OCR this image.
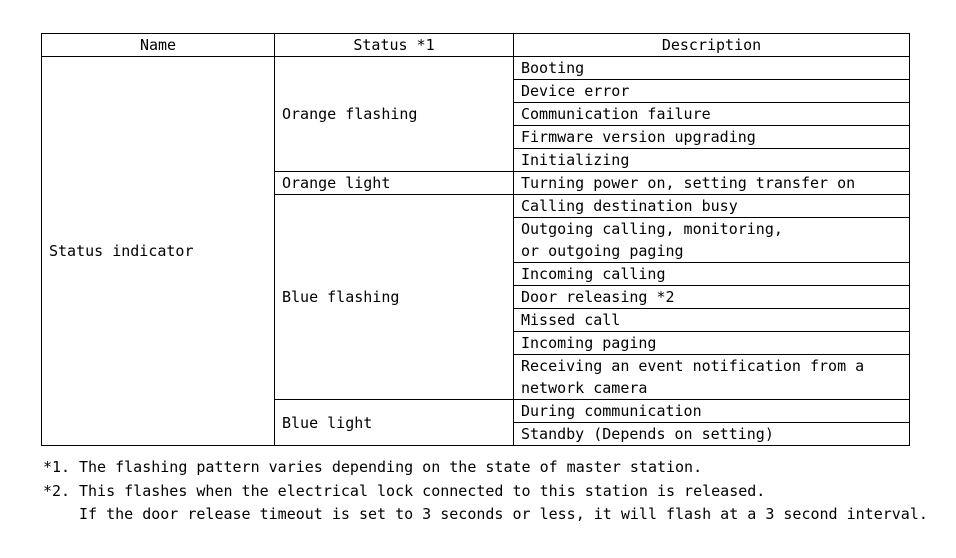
Name	Status *1	Description
Status indicator	Orange flashing	Booting

		Device error

		Communication failure

		Firmware version upgrading

		Initializing

	Orange light	Turning power on, setting transfer on

	Blue flashing	Calling destination busy

		Outgoing calling, monitoring,
or outgoing paging

		Incoming calling

		Door releasing *2

		Missed call

		Incoming paging

		Receiving an event notification from a
network camera

	Blue light	During communication

		Standby (Depends on setting)
*1. The flashing pattern varies depending on the state of master station.
*2. This flashes when the electrical lock connected to this station is released.
If the door release timeout is set to 3 seconds or less, it will flash at a 3 second interval.
